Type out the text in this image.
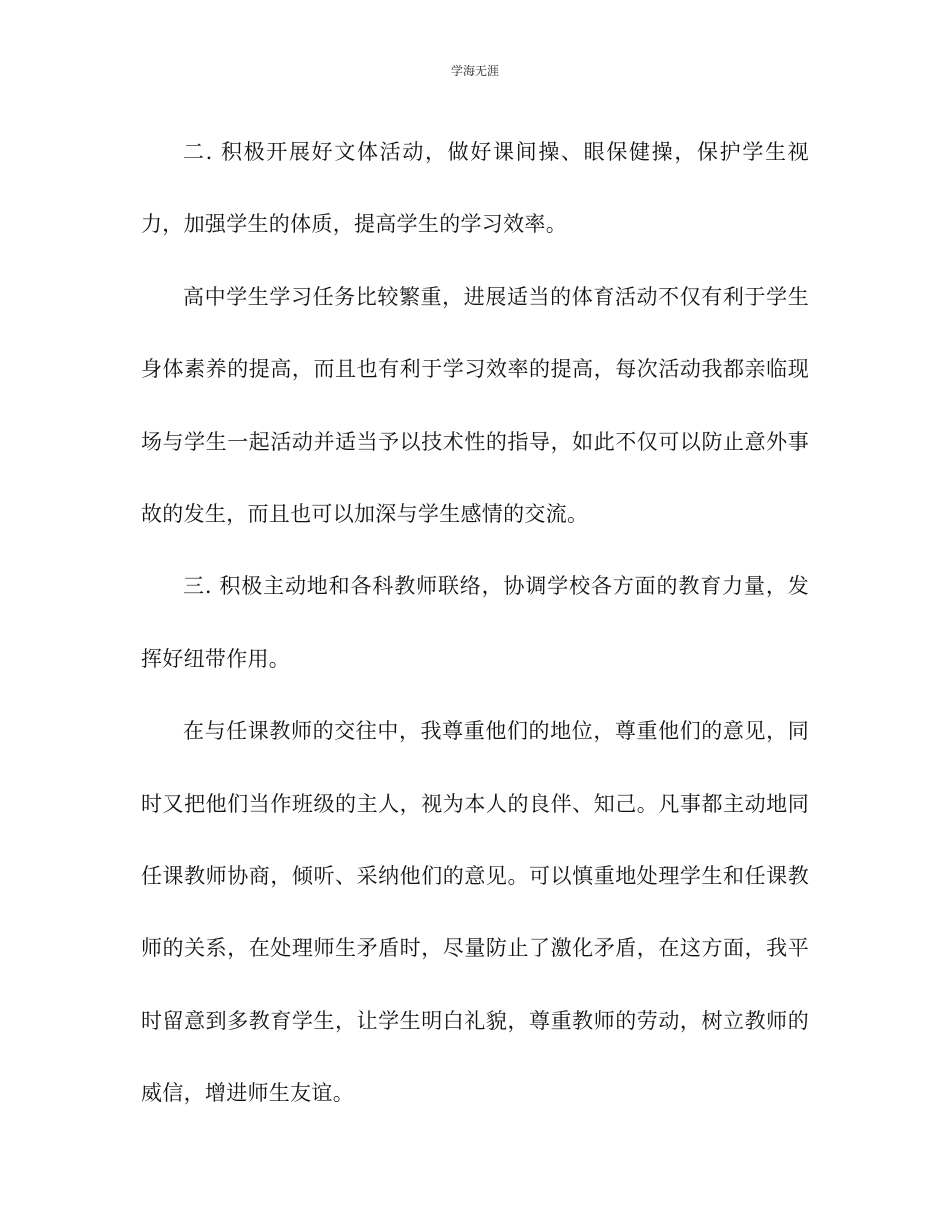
学海无涯

二. 积极开展好文体活动，做好课间操、眼保健操，保护学生视力，加强学生的体质，提高学生的学习效率。

高中学生学习任务比较繁重，进展适当的体育活动不仅有利于学生身体素养的提高，而且也有利于学习效率的提高，每次活动我都亲临现场与学生一起活动并适当予以技术性的指导，如此不仅可以防止意外事故的发生，而且也可以加深与学生感情的交流。

三. 积极主动地和各科教师联络，协调学校各方面的教育力量，发挥好纽带作用。

在与任课教师的交往中，我尊重他们的地位，尊重他们的意见，同时又把他们当作班级的主人，视为本人的良伴、知己。凡事都主动地同任课教师协商，倾听、采纳他们的意见。可以慎重地处理学生和任课教师的关系，在处理师生矛盾时，尽量防止了激化矛盾，在这方面，我平时留意到多教育学生，让学生明白礼貌，尊重教师的劳动，树立教师的威信，增进师生友谊。
